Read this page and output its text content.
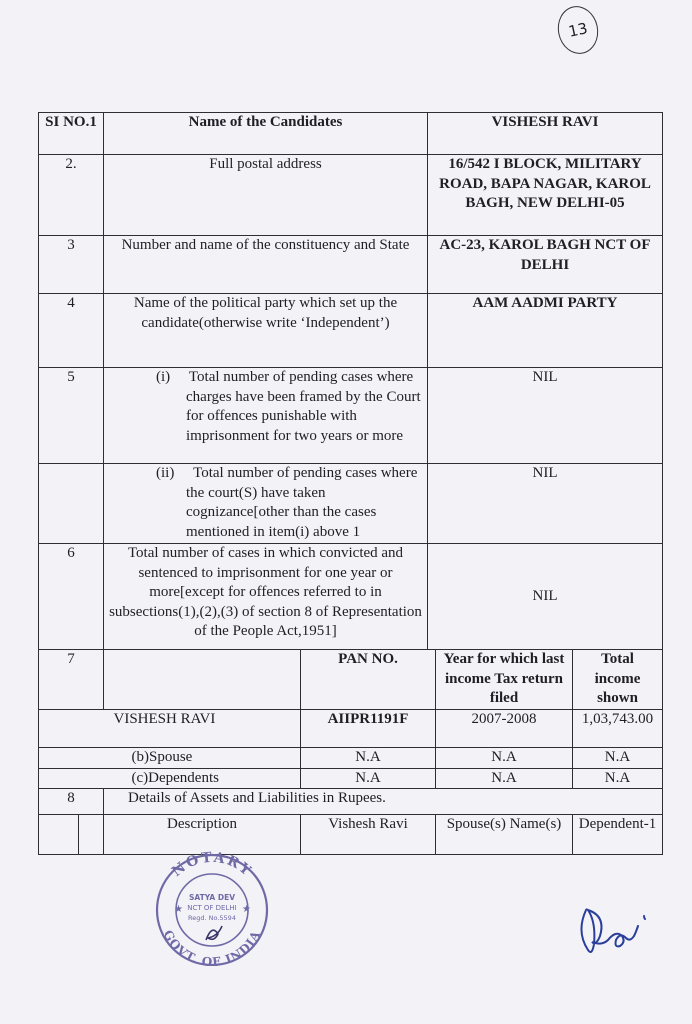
13
SI NO.1		Name of the Candidates		VISHESH RAVI		
2.		Full postal address		16/542 I BLOCK, MILITARY ROAD, BAPA NAGAR, KAROL BAGH, NEW DELHI-05		
3		Number and name of the constituency and State		AC-23, KAROL BAGH NCT OF DELHI		
4		Name of the political party which set up the candidate(otherwise write ‘Independent’)		AAM AADMI PARTY		
5		(i) Total number of pending cases where charges have been framed by the Court for offences punishable with imprisonment for two years or more		NIL		

		(ii) Total number of pending cases where the court(S) have taken cognizance[other than the cases mentioned in item(i) above 1		NIL		
6		Total number of cases in which convicted and sentenced to imprisonment for one year or more[except for offences referred to in subsections(1),(2),(3) of section 8 of Representation of the People Act,1951]		NIL		
7			PAN NO.		Year for which last income Tax return filed	Total income shown
		VISHESH RAVI	AIIPR1191F		2007-2008	1,03,743.00
		(b)Spouse	N.A		N.A	N.A
		(c)Dependents	N.A		N.A	N.A
8		Details of Assets and Liabilities in Rupees.				
		Description	Vishesh Ravi		Spouse(s) Name(s)	Dependent-1
NOTARY
GOVT. OF INDIA
SATYA DEV
NCT OF DELHI
Regd. No.5594
★	★
Ravi
